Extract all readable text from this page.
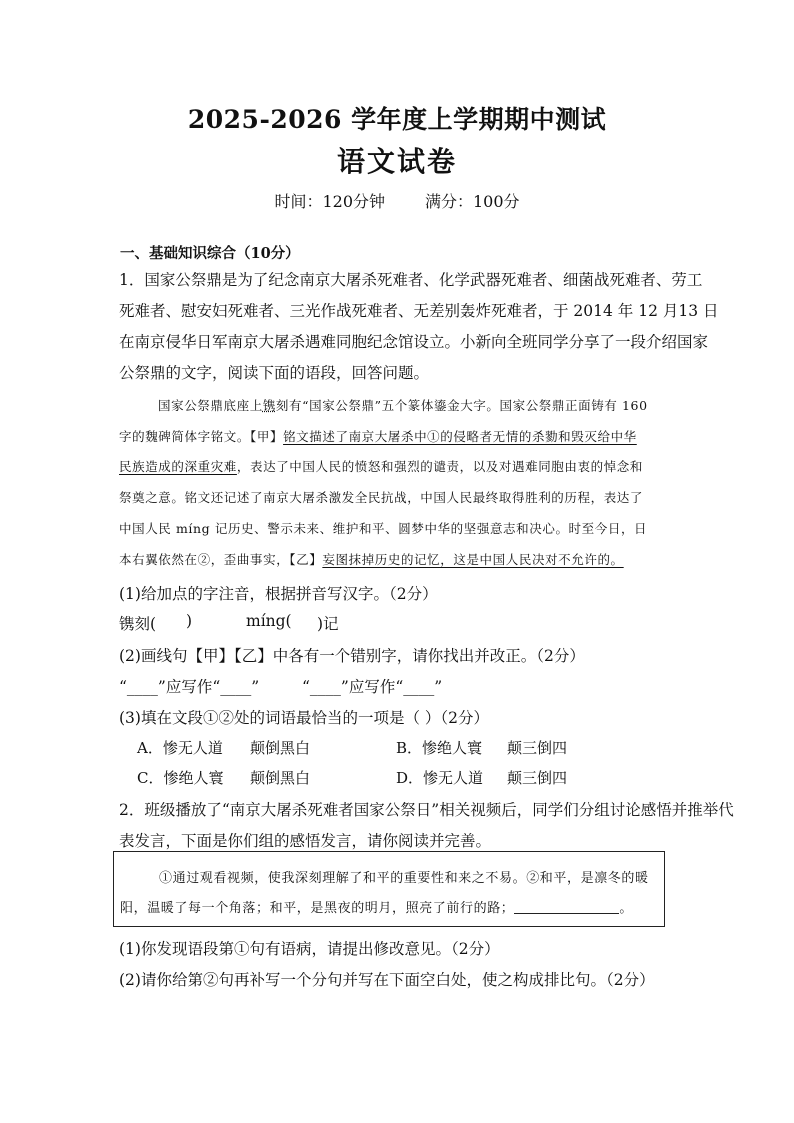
2025-2026 学年度上学期期中测试
语文试卷
时间：120分钟	满分：100分
一、基础知识综合（10分）
1．国家公祭鼎是为了纪念南京大屠杀死难者、化学武器死难者、细菌战死难者、劳工
死难者、慰安妇死难者、三光作战死难者、无差别轰炸死难者，于 2014 年 12 月13 日
在南京侵华日军南京大屠杀遇难同胞纪念馆设立。小新向全班同学分享了一段介绍国家
公祭鼎的文字，阅读下面的语段，回答问题。
国家公祭鼎底座上镌刻有“国家公祭鼎”五个篆体鎏金大字。国家公祭鼎正面铸有 160
字的魏碑简体字铭文。【甲】铭文描述了南京大屠杀中①的侵略者无情的杀勠和毁灭给中华
民族造成的深重灾难，表达了中国人民的愤怒和强烈的谴责，以及对遇难同胞由衷的悼念和
祭奠之意。铭文还记述了南京大屠杀激发全民抗战，中国人民最终取得胜利的历程，表达了
中国人民 míng 记历史、警示未来、维护和平、圆梦中华的坚强意志和决心。时至今日，日
本右翼依然在②，歪曲事实，【乙】妄图抹掉历史的记忆，这是中国人民决对不允许的。
(1)给加点的字注音，根据拼音写汉字。（2分）
镌刻( )	míng( )记
(2)画线句【甲】【乙】中各有一个错别字，请你找出并改正。（2分）
“____”应写作“____”	“____”应写作“____”
(3)填在文段①②处的词语最恰当的一项是（ ）（2分）
A．惨无人道 颠倒黑白	B．惨绝人寰 颠三倒四
C．惨绝人寰 颠倒黑白	D．惨无人道 颠三倒四
2．班级播放了“南京大屠杀死难者国家公祭日”相关视频后，同学们分组讨论感悟并推举代
表发言，下面是你们组的感悟发言，请你阅读并完善。
①通过观看视频，使我深刻理解了和平的重要性和来之不易。②和平，是凛冬的暖
阳，温暖了每一个角落；和平，是黑夜的明月，照亮了前行的路；	。
(1)你发现语段第①句有语病，请提出修改意见。（2分）
(2)请你给第②句再补写一个分句并写在下面空白处，使之构成排比句。（2分）
